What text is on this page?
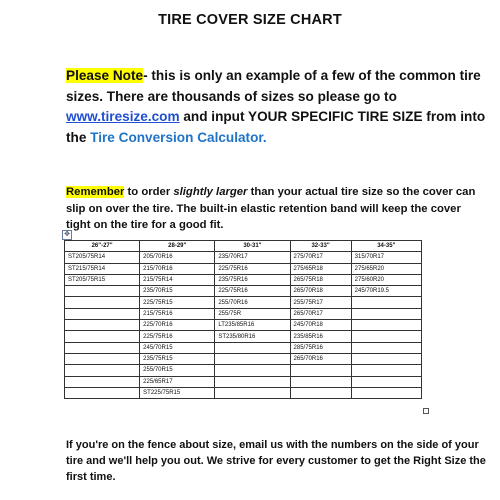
TIRE COVER SIZE CHART
Please Note- this is only an example of a few of the common tire sizes. There are thousands of sizes so please go to www.tiresize.com and input YOUR SPECIFIC TIRE SIZE from into the Tire Conversion Calculator.
Remember to order slightly larger than your actual tire size so the cover can slip on over the tire. The built-in elastic retention band will keep the cover tight on the tire for a good fit.
✥
26"-27"	28-29"	30-31"	32-33"	34-35"
ST205/75R14	205/70R16	235/70R17	275/70R17	315/70R17
ST215/75R14	215/70R16	225/75R16	275/65R18	275/65R20
ST205/75R15	215/75R14	235/75R16	265/75R18	275/60R20
	235/70R15	225/75R16	265/70R18	245/70R19.5
	225/75R15	255/70R16	255/75R17	
	215/75R16	255/75R	265/70R17	
	225/70R16	LT235/85R16	245/70R18	
	225/75R16	ST235/80R16	235/85R16	
	245/70R15		285/75R16	
	235/75R15		265/70R16	
	255/70R15			
	225/65R17			
	ST225/75R15			
If you're on the fence about size, email us with the numbers on the side of your tire and we'll help you out. We strive for every customer to get the Right Size the first time.
